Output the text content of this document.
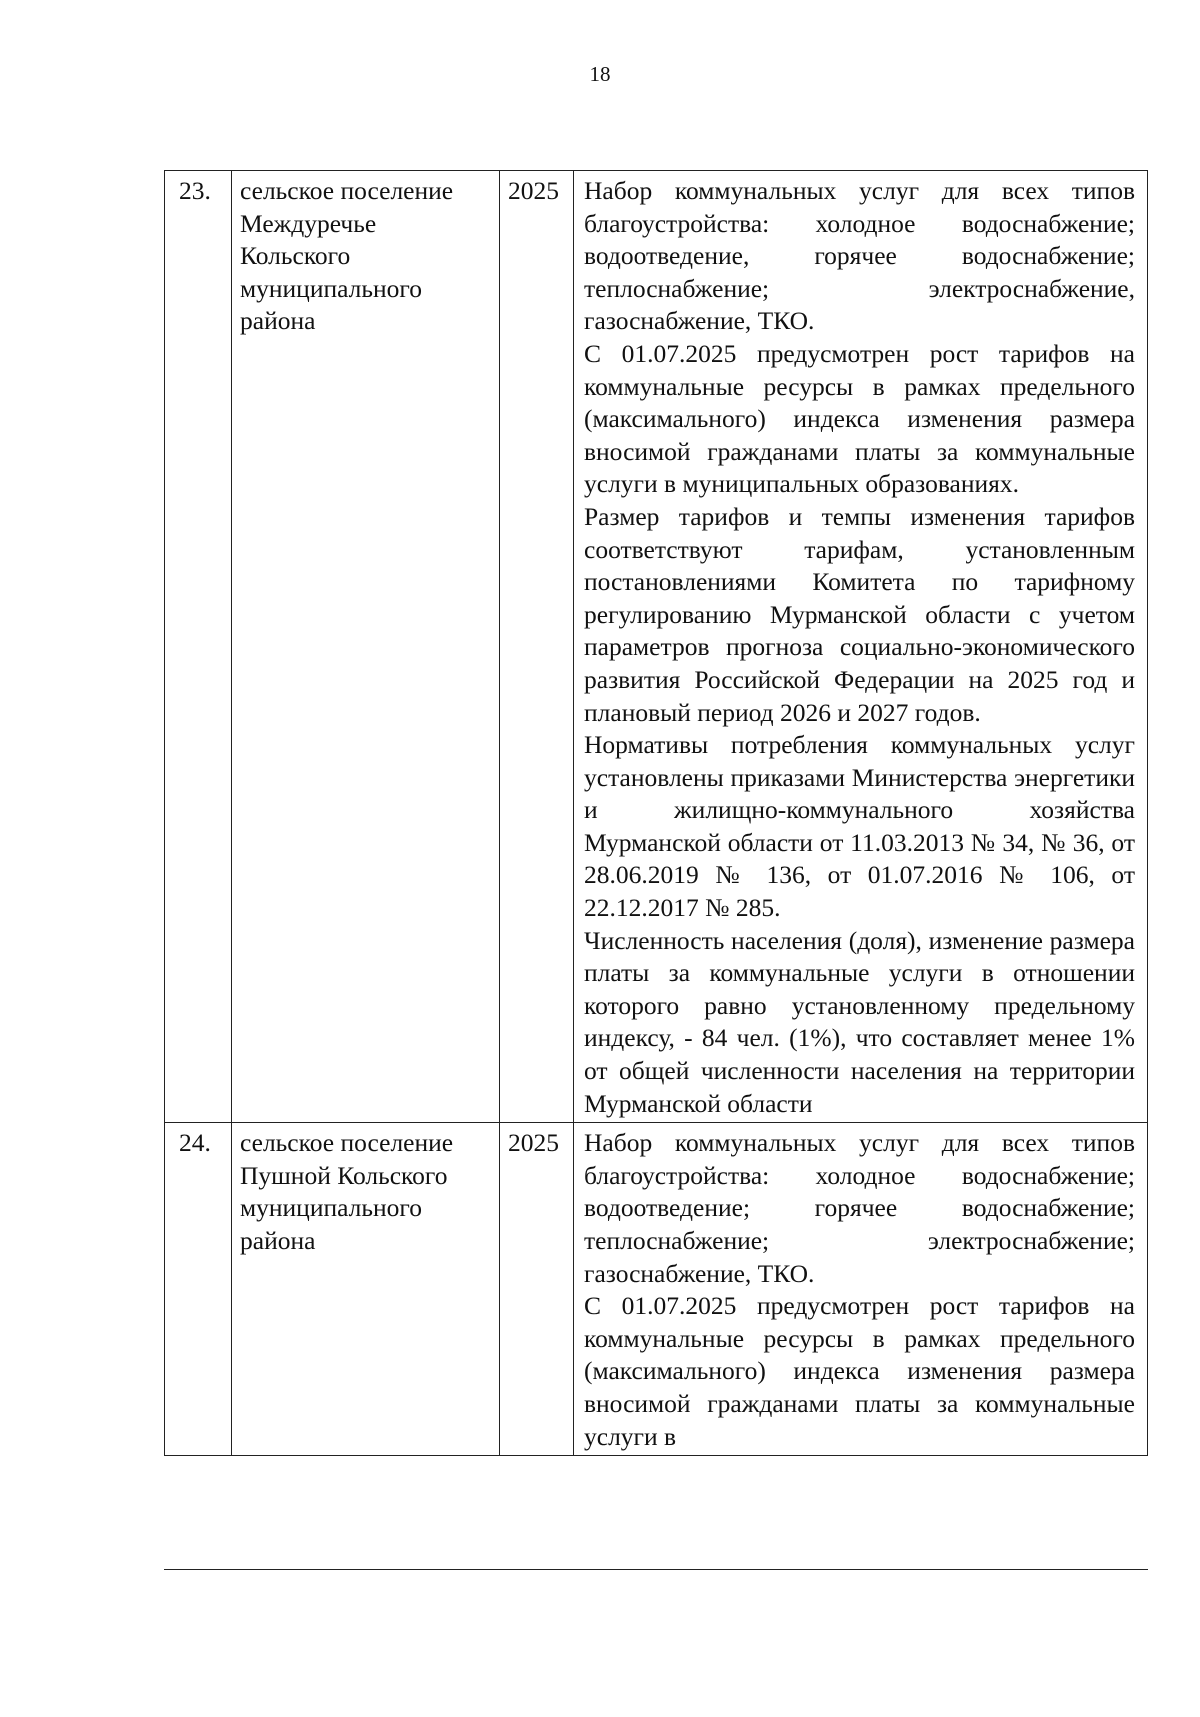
18
23.	сельское поселение Междуречье Кольского муниципального района	2025	Набор коммунальных услуг для всех типов благоустройства: холодное водоснабжение; водоотведение, горячее водоснабжение; теплоснабжение; электроснабжение, газоснабжение, ТКО.

С 01.07.2025 предусмотрен рост тарифов на коммунальные ресурсы в рамках предельного (максимального) индекса изменения размера вносимой гражданами платы за коммунальные услуги в муниципальных образованиях.

Размер тарифов и темпы изменения тарифов соответствуют тарифам, установленным постановлениями Комитета по тарифному регулированию Мурманской области с учетом параметров прогноза социально-экономического развития Российской Федерации на 2025 год и плановый период 2026 и 2027 годов.

Нормативы потребления коммунальных услуг установлены приказами Министерства энергетики и жилищно-коммунального хозяйства Мурманской области от 11.03.2013 № 34, № 36, от 28.06.2019 № 136, от 01.07.2016 № 106, от 22.12.2017 № 285.

Численность населения (доля), изменение размера платы за коммунальные услуги в отношении которого равно установленному предельному индексу, - 84 чел. (1%), что составляет менее 1% от общей численности населения на территории Мурманской области

24.	сельское поселение Пушной Кольского муниципального района	2025	Набор коммунальных услуг для всех типов благоустройства: холодное водоснабжение; водоотведение; горячее водоснабжение; теплоснабжение; электроснабжение; газоснабжение, ТКО.

С 01.07.2025 предусмотрен рост тарифов на коммунальные ресурсы в рамках предельного (максимального) индекса изменения размера вносимой гражданами платы за коммунальные услуги в
